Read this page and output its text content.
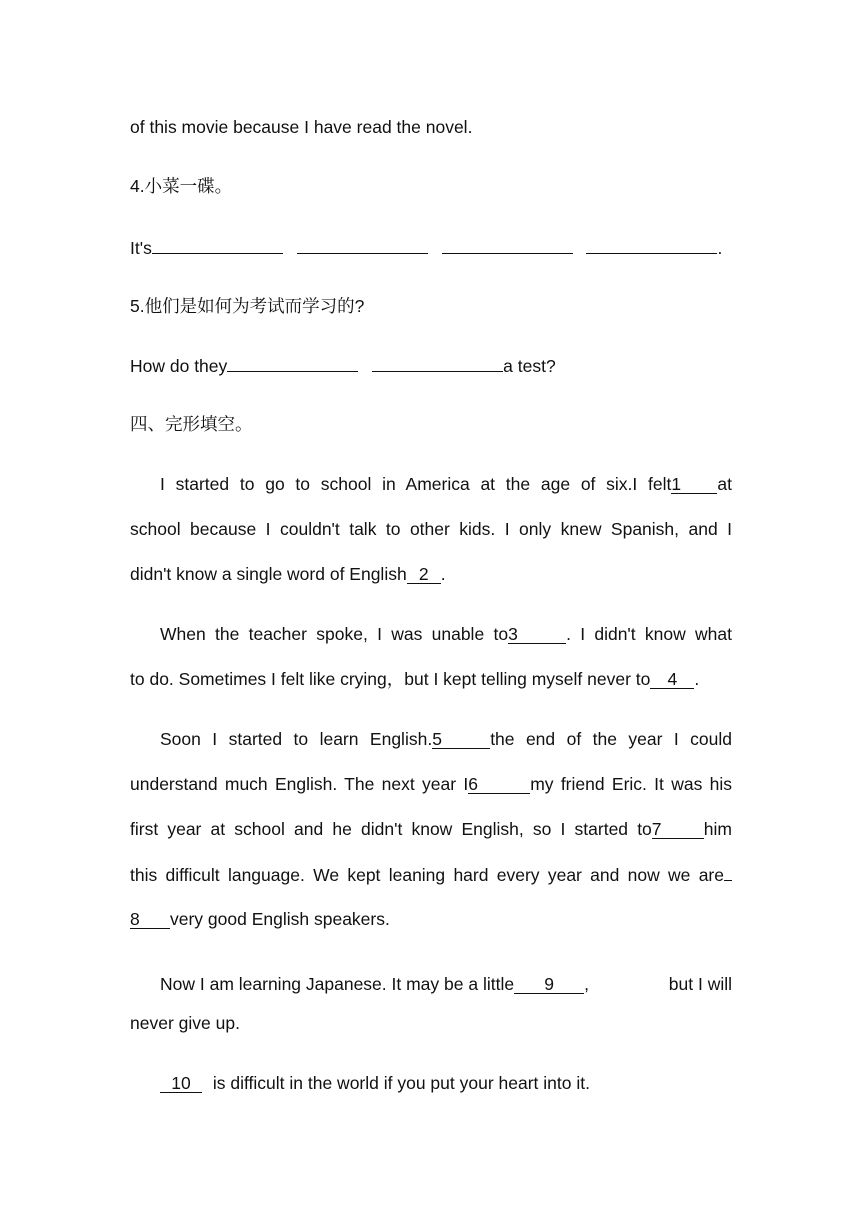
of this movie because I have read the novel.
4.小菜一碟。
It's	.
5.他们是如何为考试而学习的?
How do they	a test?
四、完形填空。
I started to go to school in America at the age of six.I felt1 at
school because I couldn't talk to other kids. I only knew Spanish, and I
didn't know a single word of English 2 .
When the teacher spoke, I was unable to3	. I didn't know what
to do. Sometimes I felt like crying，but I kept telling myself never to 4 .
Soon I started to learn English.5	the end of the year I could
understand much English. The next year I6	my friend Eric. It was his
first year at school and he didn't know English, so I started to7 him
this difficult language. We kept leaning hard every year and now we are
8 very good English speakers.
Now I am learning Japanese. It may be a little 9 ,	but I will
never give up.
10 is difficult in the world if you put your heart into it.
